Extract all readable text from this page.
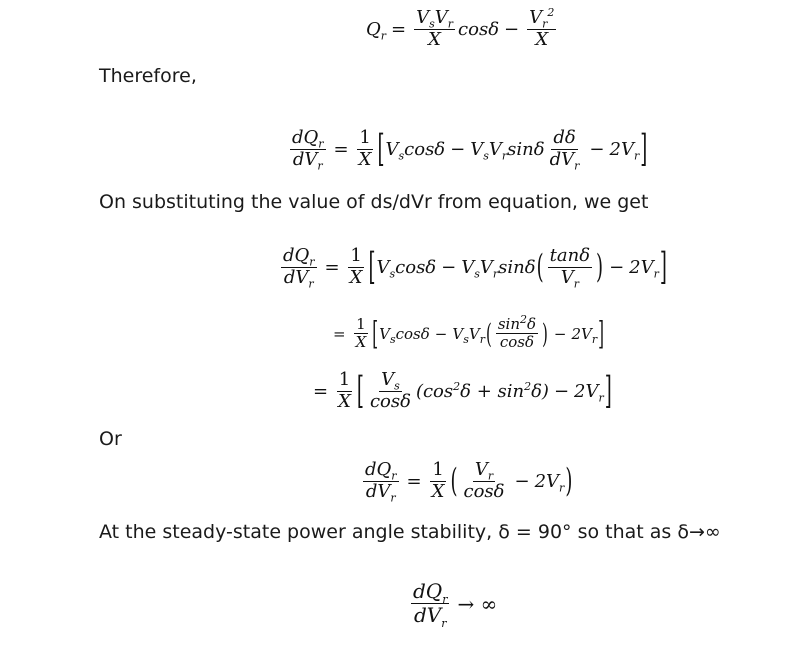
$Q_r = \frac{V_sV_r}{X}$ $\cos\delta - \frac{V_r^2}{X}$
Therefore,
$\frac{dQ_r}{dV_r} = \frac{1}{X}$ [ $V_s\cos\delta - V_sV_r\sin\delta \frac{d\delta}{dV_r} - 2V_r$ ]
On substituting the value of ds/dVr from equation, we get
$\frac{dQ_r}{dV_r} = \frac{1}{X}$ [ $V_s\cos\delta - V_sV_r\sin\delta$ ( $\frac{\tan\delta}{V_r}$ ) − $2V_r$ ]
= $\frac{1}{X}$ [ $V_s\cos\delta - V_sV_r$ ( $\frac{\sin^2\delta}{\cos\delta}$ ) − $2V_r$ ]
= $\frac{1}{X}$ [ $\frac{V_s}{\cos\delta} (\cos^2\delta + \sin^2\delta) - 2V_r$ ]
Or
$\frac{dQ_r}{dV_r} = \frac{1}{X}$ ( $\frac{V_r}{\cos\delta} - 2V_r$ )
At the steady-state power angle stability, δ = 90° so that as δ→∞
$\frac{dQ_r}{dV_r}$ → ∞
